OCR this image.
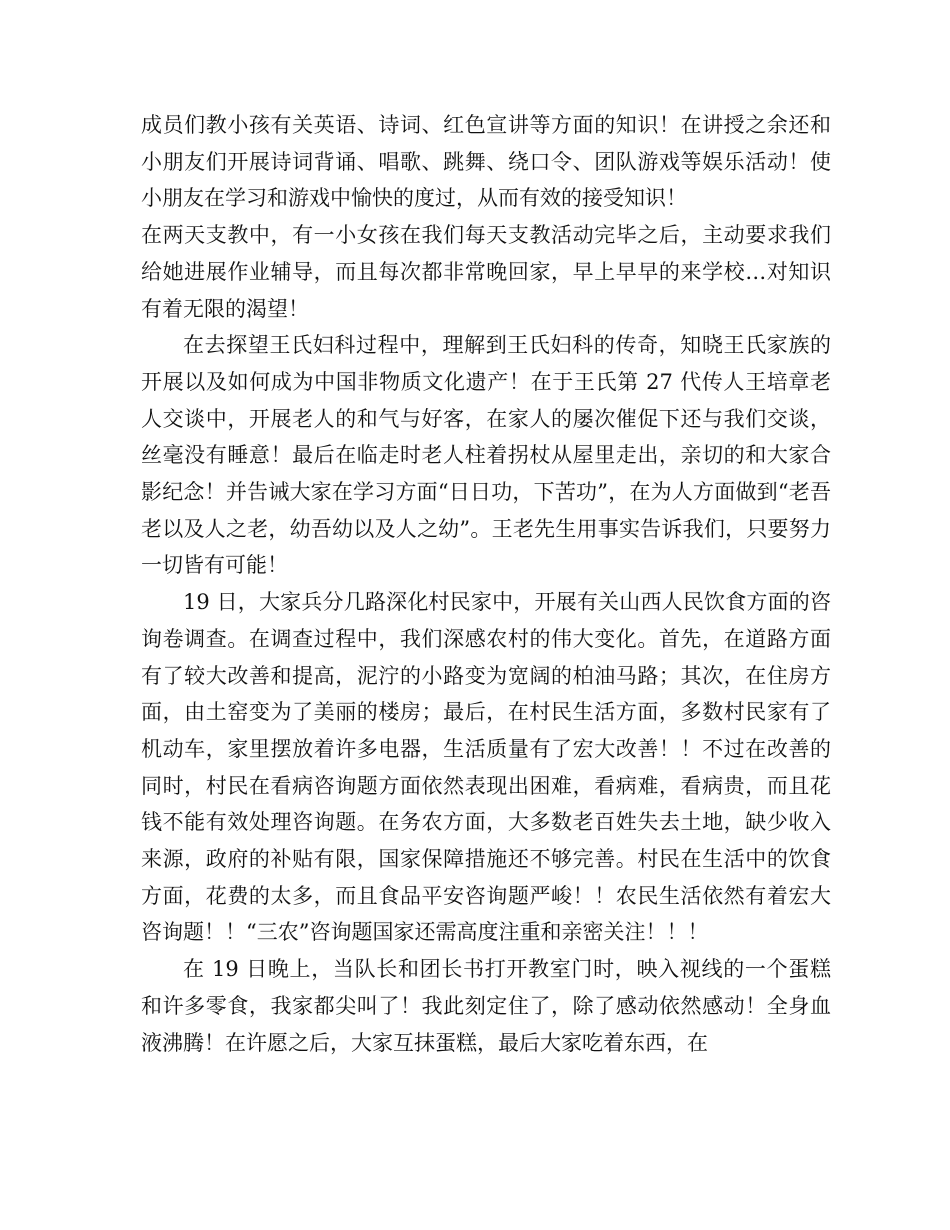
成员们教小孩有关英语、诗词、红色宣讲等方面的知识！在讲授之余还和小朋友们开展诗词背诵、唱歌、跳舞、绕口令、团队游戏等娱乐活动！使小朋友在学习和游戏中愉快的度过，从而有效的接受知识！

在两天支教中，有一小女孩在我们每天支教活动完毕之后，主动要求我们给她进展作业辅导，而且每次都非常晚回家，早上早早的来学校…对知识有着无限的渴望！

在去探望王氏妇科过程中，理解到王氏妇科的传奇，知晓王氏家族的开展以及如何成为中国非物质文化遗产！在于王氏第 27 代传人王培章老人交谈中，开展老人的和气与好客，在家人的屡次催促下还与我们交谈，丝毫没有睡意！最后在临走时老人柱着拐杖从屋里走出，亲切的和大家合影纪念！并告诫大家在学习方面“日日功，下苦功”，在为人方面做到“老吾老以及人之老，幼吾幼以及人之幼”。王老先生用事实告诉我们，只要努力一切皆有可能！

19 日，大家兵分几路深化村民家中，开展有关山西人民饮食方面的咨询卷调查。在调查过程中，我们深感农村的伟大变化。首先，在道路方面有了较大改善和提高，泥泞的小路变为宽阔的柏油马路；其次，在住房方面，由土窑变为了美丽的楼房；最后，在村民生活方面，多数村民家有了机动车，家里摆放着许多电器，生活质量有了宏大改善！！不过在改善的同时，村民在看病咨询题方面依然表现出困难，看病难，看病贵，而且花钱不能有效处理咨询题。在务农方面，大多数老百姓失去土地，缺少收入来源，政府的补贴有限，国家保障措施还不够完善。村民在生活中的饮食方面，花费的太多，而且食品平安咨询题严峻！！农民生活依然有着宏大咨询题！！“三农”咨询题国家还需高度注重和亲密关注！！！

在 19 日晚上，当队长和团长书打开教室门时，映入视线的一个蛋糕和许多零食，我家都尖叫了！我此刻定住了，除了感动依然感动！全身血液沸腾！在许愿之后，大家互抹蛋糕，最后大家吃着东西，在
